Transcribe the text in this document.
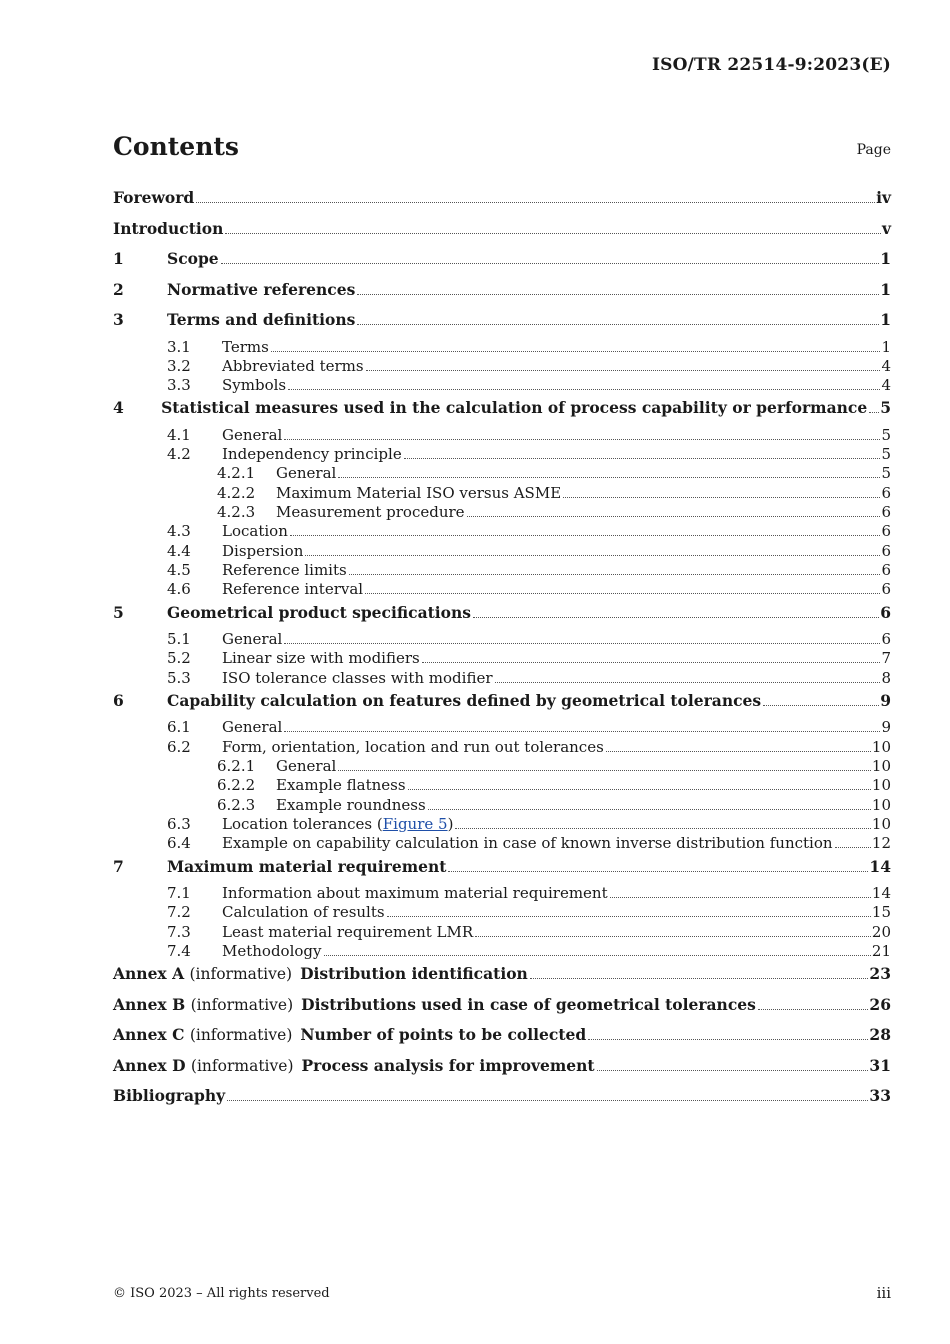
ISO/TR 22514-9:2023(E)
Contents	Page
Foreword	iv
Introduction	v
1	Scope	1
2	Normative references	1
3	Terms and definitions	1
3.1	Terms	1
3.2	Abbreviated terms	4
3.3	Symbols	4
4	Statistical measures used in the calculation of process capability or performance 5
4.1	General	5
4.2	Independency principle	5
4.2.1	General	5
4.2.2	Maximum Material ISO versus ASME	6
4.2.3	Measurement procedure	6
4.3	Location	6
4.4	Dispersion	6
4.5	Reference limits	6
4.6	Reference interval	6
5	Geometrical product specifications	6
5.1	General	6
5.2	Linear size with modifiers	7
5.3	ISO tolerance classes with modifier	8
6	Capability calculation on features defined by geometrical tolerances	9
6.1	General	9
6.2	Form, orientation, location and run out tolerances	10
6.2.1	General	10
6.2.2	Example flatness	10
6.2.3	Example roundness	10
6.3	Location tolerances (Figure 5)	10
6.4	Example on capability calculation in case of known inverse distribution function	12
7	Maximum material requirement	14
7.1	Information about maximum material requirement	14
7.2	Calculation of results	15
7.3	Least material requirement LMR	20
7.4	Methodology	21
Annex A (informative) Distribution identification	23
Annex B (informative) Distributions used in case of geometrical tolerances	26
Annex C (informative) Number of points to be collected	28
Annex D (informative) Process analysis for improvement	31
Bibliography	33
© ISO 2023 – All rights reserved	iii
